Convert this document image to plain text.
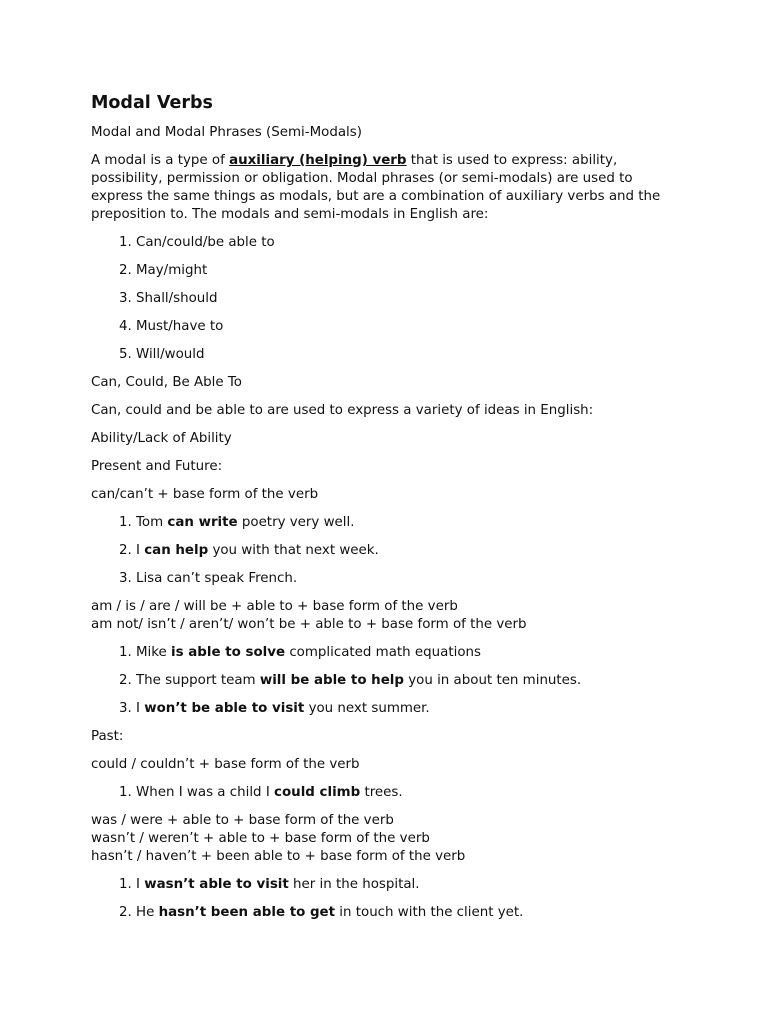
Modal Verbs

Modal and Modal Phrases (Semi-Modals)

A modal is a type of auxiliary (helping) verb that is used to express: ability, possibility, permission or obligation. Modal phrases (or semi-modals) are used to express the same things as modals, but are a combination of auxiliary verbs and the preposition to. The modals and semi-modals in English are:

1. Can/could/be able to
2. May/might
3. Shall/should
4. Must/have to
5. Will/would

Can, Could, Be Able To

Can, could and be able to are used to express a variety of ideas in English:

Ability/Lack of Ability

Present and Future:

can/can’t + base form of the verb

1. Tom can write poetry very well.
2. I can help you with that next week.
3. Lisa can’t speak French.

am / is / are / will be + able to + base form of the verb

am not/ isn’t / aren’t/ won’t be + able to + base form of the verb

1. Mike is able to solve complicated math equations
2. The support team will be able to help you in about ten minutes.
3. I won’t be able to visit you next summer.

Past:

could / couldn’t + base form of the verb

1. When I was a child I could climb trees.

was / were + able to + base form of the verb

wasn’t / weren’t + able to + base form of the verb

hasn’t / haven’t + been able to + base form of the verb

1. I wasn’t able to visit her in the hospital.
2. He hasn’t been able to get in touch with the client yet.
